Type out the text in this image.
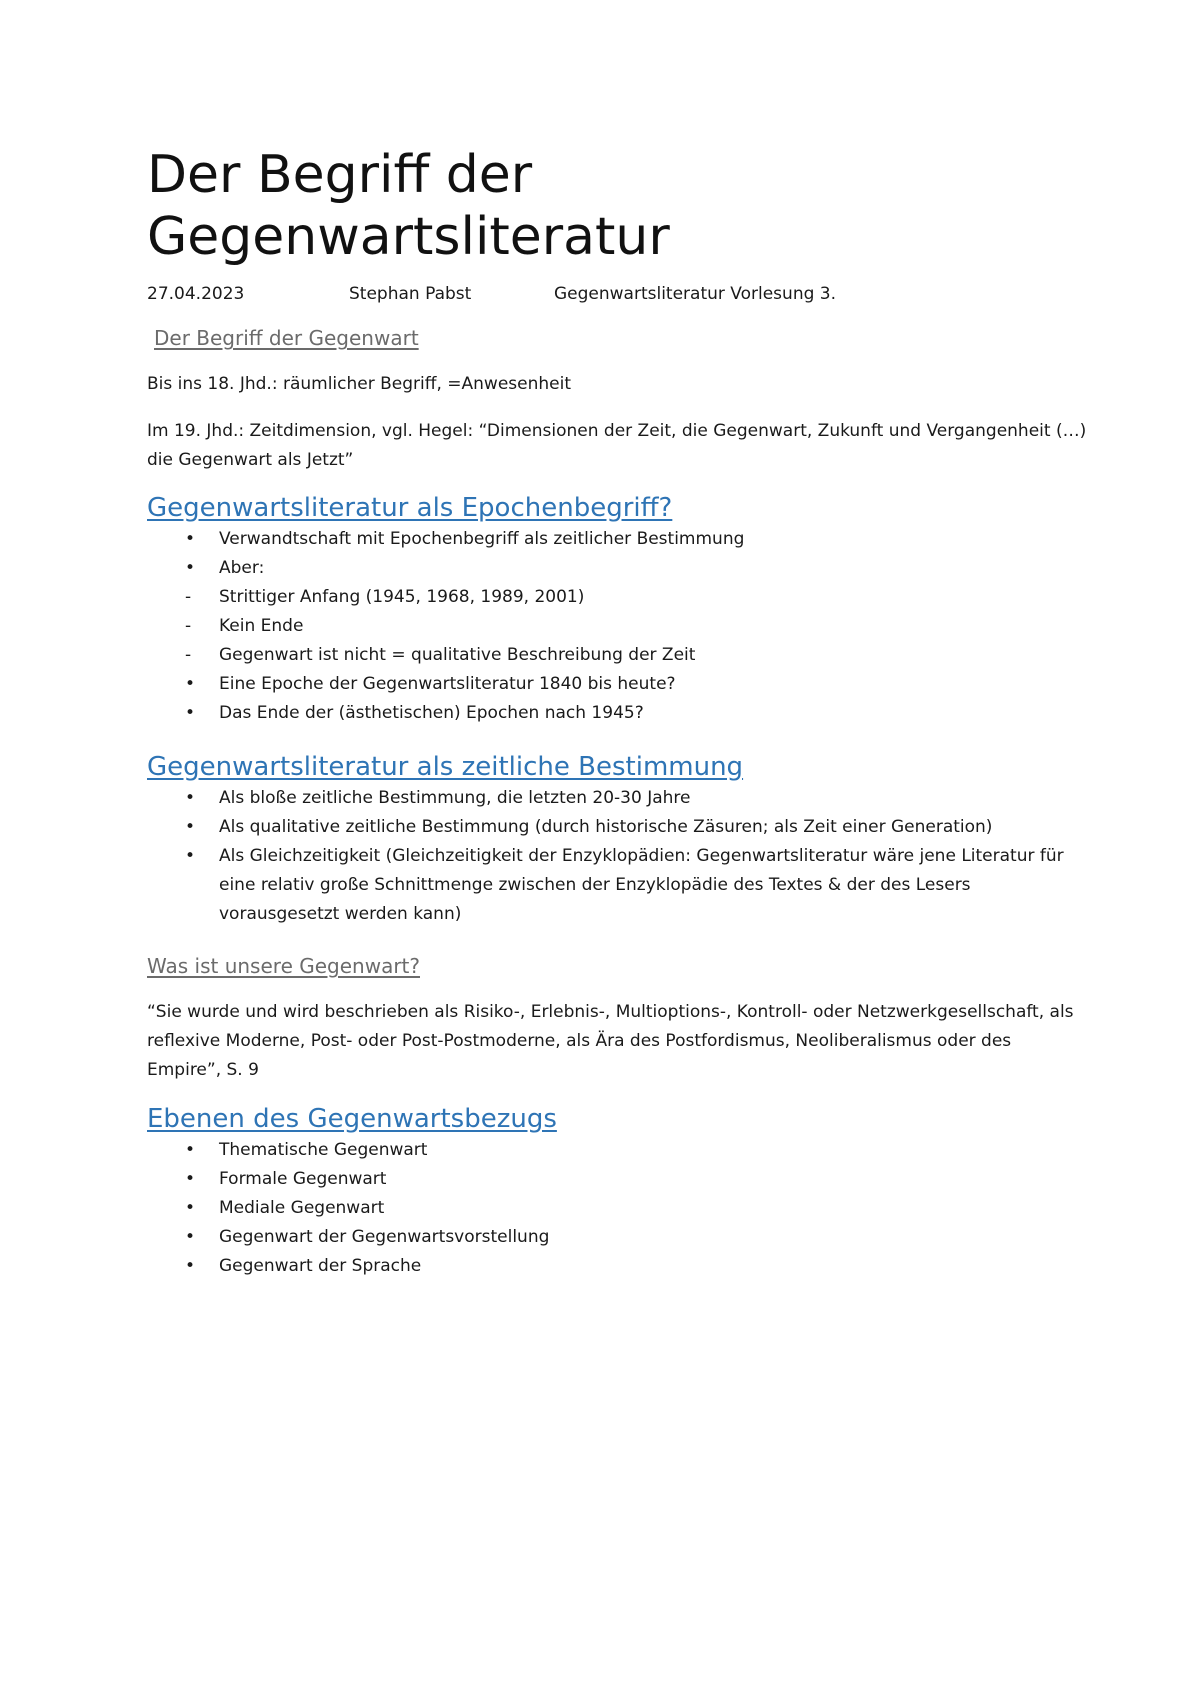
Der Begriff der
Gegenwartsliteratur
27.04.2023	Stephan Pabst	Gegenwartsliteratur Vorlesung 3.
Der Begriff der Gegenwart

Bis ins 18. Jhd.: räumlicher Begriff, =Anwesenheit

Im 19. Jhd.: Zeitdimension, vgl. Hegel: “Dimensionen der Zeit, die Gegenwart, Zukunft und Vergangenheit (…) die Gegenwart als Jetzt”

Gegenwartsliteratur als Epochenbegriff?
•	Verwandtschaft mit Epochenbegriff als zeitlicher Bestimmung
•	Aber:
-	Strittiger Anfang (1945, 1968, 1989, 2001)
-	Kein Ende
-	Gegenwart ist nicht = qualitative Beschreibung der Zeit
•	Eine Epoche der Gegenwartsliteratur 1840 bis heute?
•	Das Ende der (ästhetischen) Epochen nach 1945?
Gegenwartsliteratur als zeitliche Bestimmung
•	Als bloße zeitliche Bestimmung, die letzten 20-30 Jahre
•	Als qualitative zeitliche Bestimmung (durch historische Zäsuren; als Zeit einer Generation)
•	Als Gleichzeitigkeit (Gleichzeitigkeit der Enzyklopädien: Gegenwartsliteratur wäre jene Literatur für eine relativ große Schnittmenge zwischen der Enzyklopädie des Textes & der des Lesers vorausgesetzt werden kann)
Was ist unsere Gegenwart?

“Sie wurde und wird beschrieben als Risiko-, Erlebnis-, Multioptions-, Kontroll- oder Netzwerkgesellschaft, als reflexive Moderne, Post- oder Post-Postmoderne, als Ära des Postfordismus, Neoliberalismus oder des Empire”, S. 9

Ebenen des Gegenwartsbezugs
•	Thematische Gegenwart
•	Formale Gegenwart
•	Mediale Gegenwart
•	Gegenwart der Gegenwartsvorstellung
•	Gegenwart der Sprache
